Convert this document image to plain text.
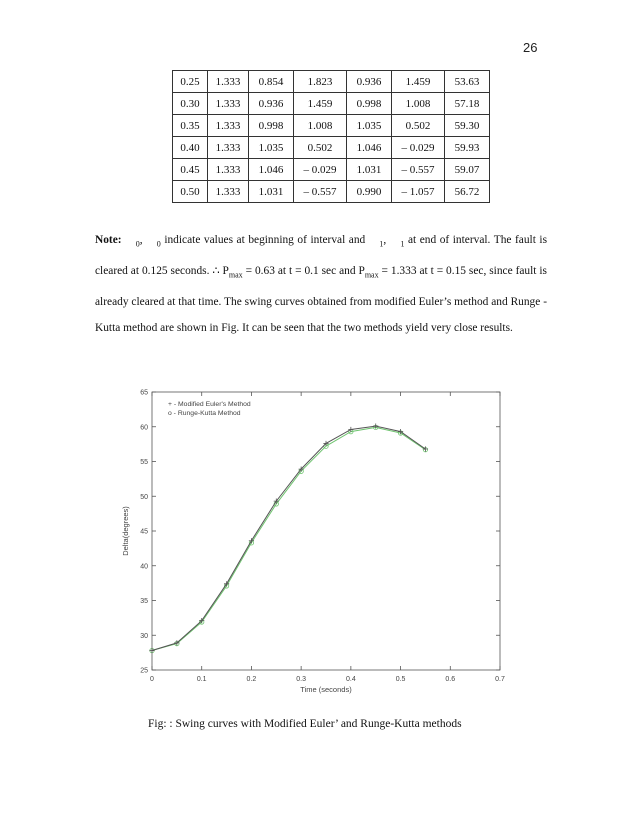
26
0.25	1.333	0.854	1.823	0.936	1.459	53.63
0.30	1.333	0.936	1.459	0.998	1.008	57.18
0.35	1.333	0.998	1.008	1.035	0.502	59.30
0.40	1.333	1.035	0.502	1.046	– 0.029	59.93
0.45	1.333	1.046	– 0.029	1.031	– 0.557	59.07
0.50	1.333	1.031	– 0.557	0.990	– 1.057	56.72
Note: $_0$, $_0$ indicate values at beginning of interval and $_1$, $_1$ at end of interval. The fault is cleared at 0.125 seconds. ∴ $P_{max} = 0.63$ at t = 0.1 sec and $P_{max} = 1.333$ at t = 0.15 sec, since fault is already cleared at that time. The swing curves obtained from modified Euler’s method and Runge - Kutta method are shown in Fig. It can be seen that the two methods yield very close results.
0	0.1	0.2	0.3	0.4	0.5	0.6	0.7
25
30
35
40
45
50
55
60
65
Time (seconds)
Delta(degrees)
+ - Modified Euler's Method
o - Runge-Kutta Method
Fig: : Swing curves with Modified Euler’ and Runge-Kutta methods
